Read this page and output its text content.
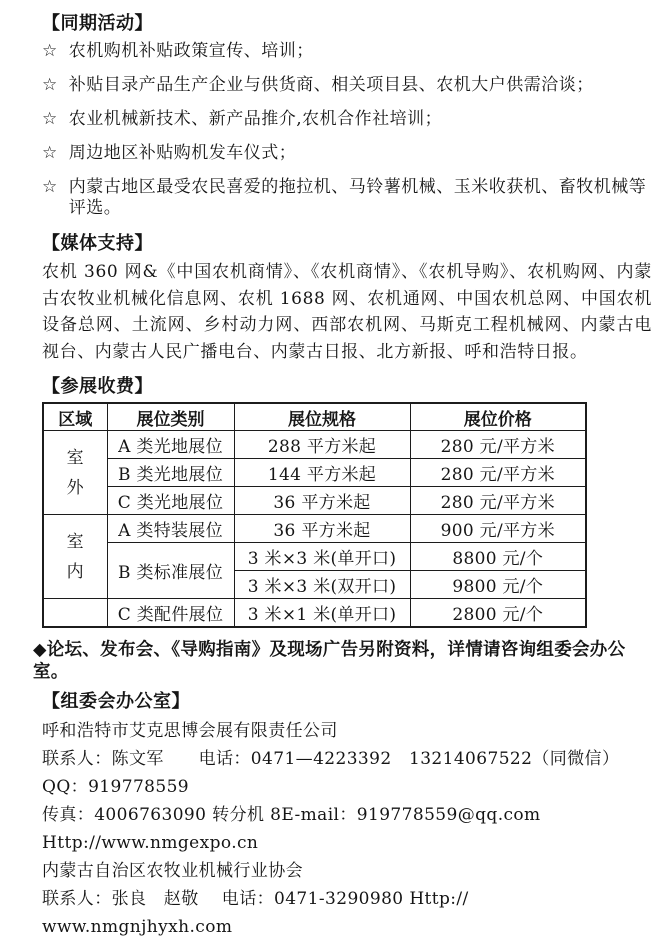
【同期活动】
☆ 农机购机补贴政策宣传、培训；
☆ 补贴目录产品生产企业与供货商、相关项目县、农机大户供需洽谈；
☆ 农业机械新技术、新产品推介,农机合作社培训；
☆ 周边地区补贴购机发车仪式；
☆ 内蒙古地区最受农民喜爱的拖拉机、马铃薯机械、玉米收获机、畜牧机械等评选。
【媒体支持】

农机 360 网&《中国农机商情》、《农机商情》、《农机导购》、农机购网、内蒙古农牧业机械化信息网、农机 1688 网、农机通网、中国农机总网、中国农机设备总网、土流网、乡村动力网、西部农机网、马斯克工程机械网、内蒙古电视台、内蒙古人民广播电台、内蒙古日报、北方新报、呼和浩特日报。

【参展收费】
区域	展位类别	展位规格	展位价格
室外	A 类光地展位	288 平方米起	280 元/平方米
	B 类光地展位	144 平方米起	280 元/平方米
	C 类光地展位	36 平方米起	280 元/平方米
室内	A 类特装展位	36 平方米起	900 元/平方米
	B 类标准展位	3 米×3 米(单开口)	8800 元/个
		3 米×3 米(双开口)	9800 元/个
	C 类配件展位	3 米×1 米(单开口)	2800 元/个

◆论坛、发布会、《导购指南》及现场广告另附资料，详情请咨询组委会办公室。

【组委会办公室】

呼和浩特市艾克思博会展有限责任公司

联系人：陈文军　　电话：0471—4223392　13214067522（同微信）　 QQ：919778559

传真：4006763090 转分机 8E-mail：919778559@qq.com Http://www.nmgexpo.cn

内蒙古自治区农牧业机械行业协会

联系人：张良　赵敬　 电话：0471-3290980 Http:// www.nmgnjhyxh.com
